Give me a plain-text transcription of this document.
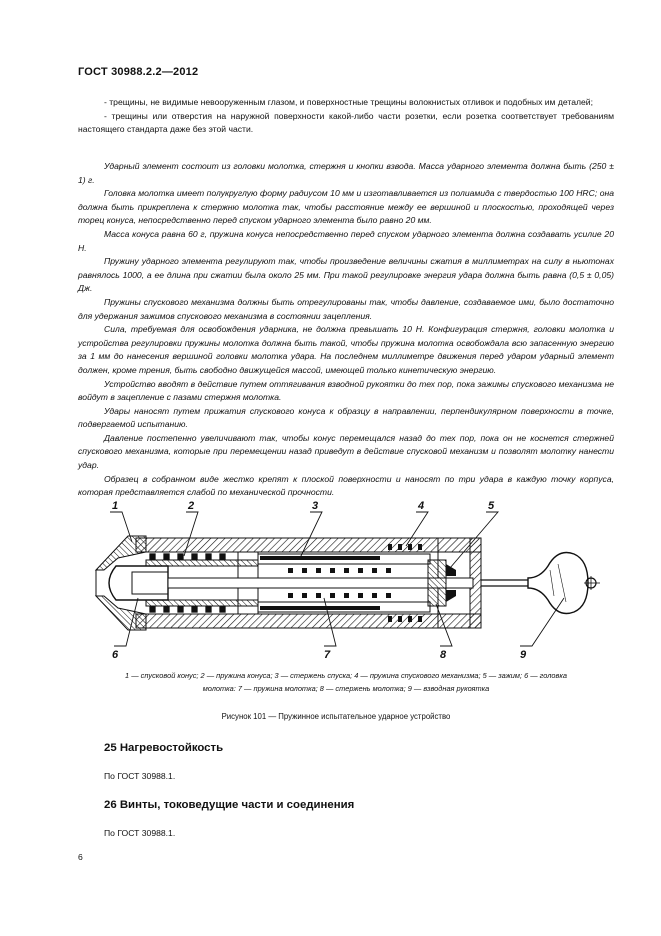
ГОСТ 30988.2.2—2012

- трещины, не видимые невооруженным глазом, и поверхностные трещины волокнистых отливок и подобных им деталей;

- трещины или отверстия на наружной поверхности какой-либо части розетки, если розетка соответствует требованиям настоящего стандарта даже без этой части.

Ударный элемент состоит из головки молотка, стержня и кнопки взвода. Масса ударного элемента должна быть (250 ± 1) г.

Головка молотка имеет полукруглую форму радиусом 10 мм и изготавливается из полиамида с твердостью 100 HRC; она должна быть прикреплена к стержню молотка так, чтобы расстояние между ее вершиной и плоскостью, проходящей через торец конуса, непосредственно перед спуском ударного элемента было равно 20 мм.

Масса конуса равна 60 г, пружина конуса непосредственно перед спуском ударного элемента должна создавать усилие 20 Н.

Пружину ударного элемента регулируют так, чтобы произведение величины сжатия в миллиметрах на силу в ньютонах равнялось 1000, а ее длина при сжатии была около 25 мм. При такой регулировке энергия удара должна быть равна (0,5 ± 0,05) Дж.

Пружины спускового механизма должны быть отрегулированы так, чтобы давление, создаваемое ими, было достаточно для удержания зажимов спускового механизма в состоянии зацепления.

Сила, требуемая для освобождения ударника, не должна превышать 10 Н. Конфигурация стержня, головки молотка и устройства регулировки пружины молотка должна быть такой, чтобы пружина молотка освобождала всю запасенную энергию за 1 мм до нанесения вершиной головки молотка удара. На последнем миллиметре движения перед ударом ударный элемент должен, кроме трения, быть свободно движущейся массой, имеющей только кинетическую энергию.

Устройство вводят в действие путем оттягивания взводной рукоятки до тех пор, пока зажимы спускового механизма не войдут в зацепление с пазами стержня молотка.

Удары наносят путем прижатия спускового конуса к образцу в направлении, перпендикулярном поверхности в точке, подвергаемой испытанию.

Давление постепенно увеличивают так, чтобы конус перемещался назад до тех пор, пока он не коснется стержней спускового механизма, которые при перемещении назад приведут в действие спусковой механизм и позволят молотку нанести удар.

Образец в собранном виде жестко крепят к плоской поверхности и наносят по три удара в каждую точку корпуса, которая представляется слабой по механической прочности.

1	2	3	4	5
6	7	8	9
1 — спусковой конус; 2 — пружина конуса; 3 — стержень спуска; 4 — пружина спускового механизма; 5 — зажим; 6 — головка
молотка: 7 — пружина молотка; 8 — стержень молотка; 9 — взводная рукоятка
Рисунок 101 — Пружинное испытательное ударное устройство
25 Нагревостойкость
По ГОСТ 30988.1.
26 Винты, токоведущие части и соединения
По ГОСТ 30988.1.
6
